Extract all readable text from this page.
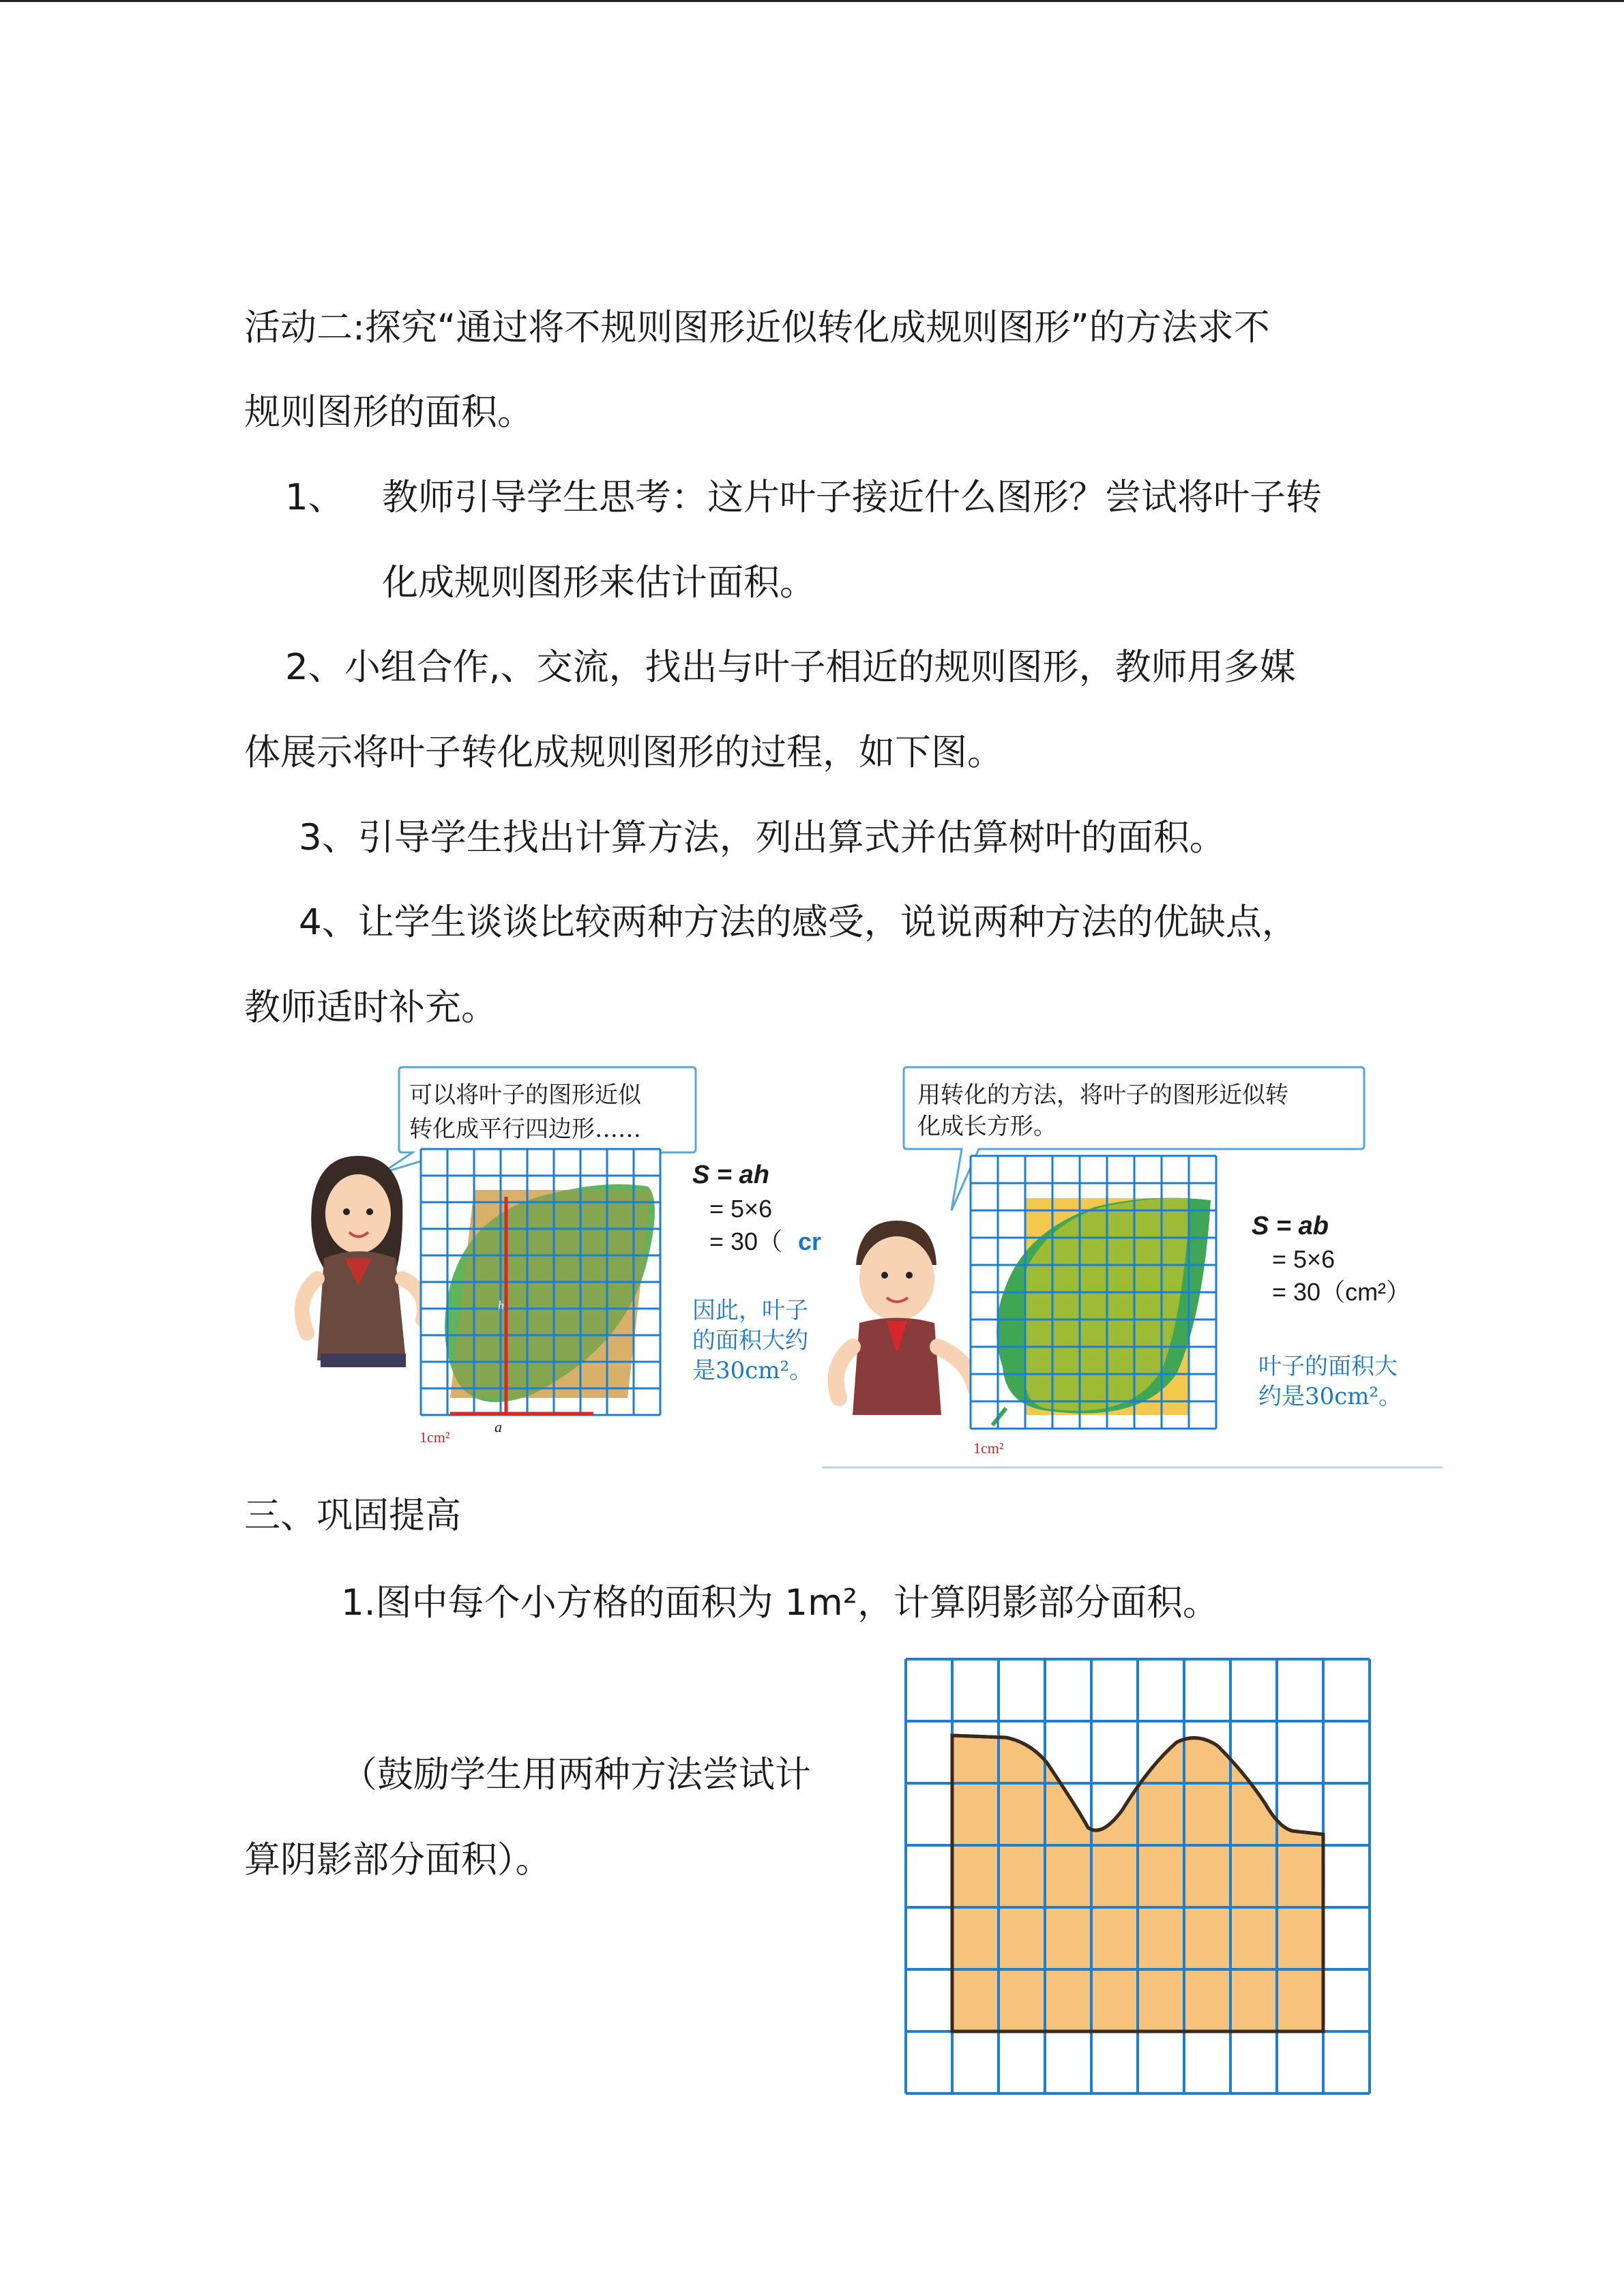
活动二:探究“通过将不规则图形近似转化成规则图形”的方法求不
规则图形的面积。
1、 教师引导学生思考：这片叶子接近什么图形？尝试将叶子转
化成规则图形来估计面积。
2、小组合作,、交流，找出与叶子相近的规则图形，教师用多媒
体展示将叶子转化成规则图形的过程，如下图。
3、引导学生找出计算方法，列出算式并估算树叶的面积。
4、让学生谈谈比较两种方法的感受，说说两种方法的优缺点，
教师适时补充。
可以将叶子的图形近似
转化成平行四边形……
h
a
1cm²
S = ah
= 5×6
= 30（ cr
因此，叶子
的面积大约
是30cm²。
用转化的方法，将叶子的图形近似转
化成长方形。
1cm²
S = ab
= 5×6
= 30（cm²）
叶子的面积大
约是30cm²。
三、巩固提高
1.图中每个小方格的面积为 1m²，计算阴影部分面积。
（鼓励学生用两种方法尝试计
算阴影部分面积）。
